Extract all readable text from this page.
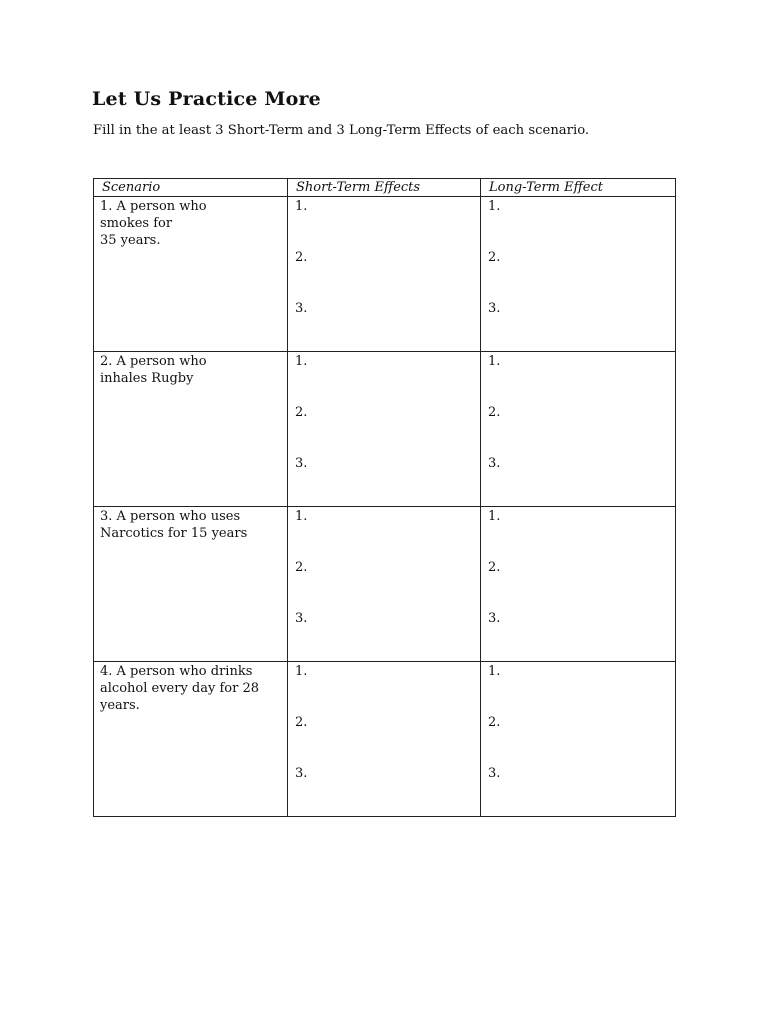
Let Us Practice More

Fill in the at least 3 Short-Term and 3 Long-Term Effects of each scenario.

Scenario	Short-Term Effects	Long-Term Effect

1. A person who
smokes for
35 years.	1.
2.
3.	1.
2.
3.

2. A person who
inhales Rugby	1.
2.
3.	1.
2.
3.

3. A person who uses
Narcotics for 15 years	1.
2.
3.	1.
2.
3.

4. A person who drinks
alcohol every day for 28
years.	1.
2.
3.	1.
2.
3.
